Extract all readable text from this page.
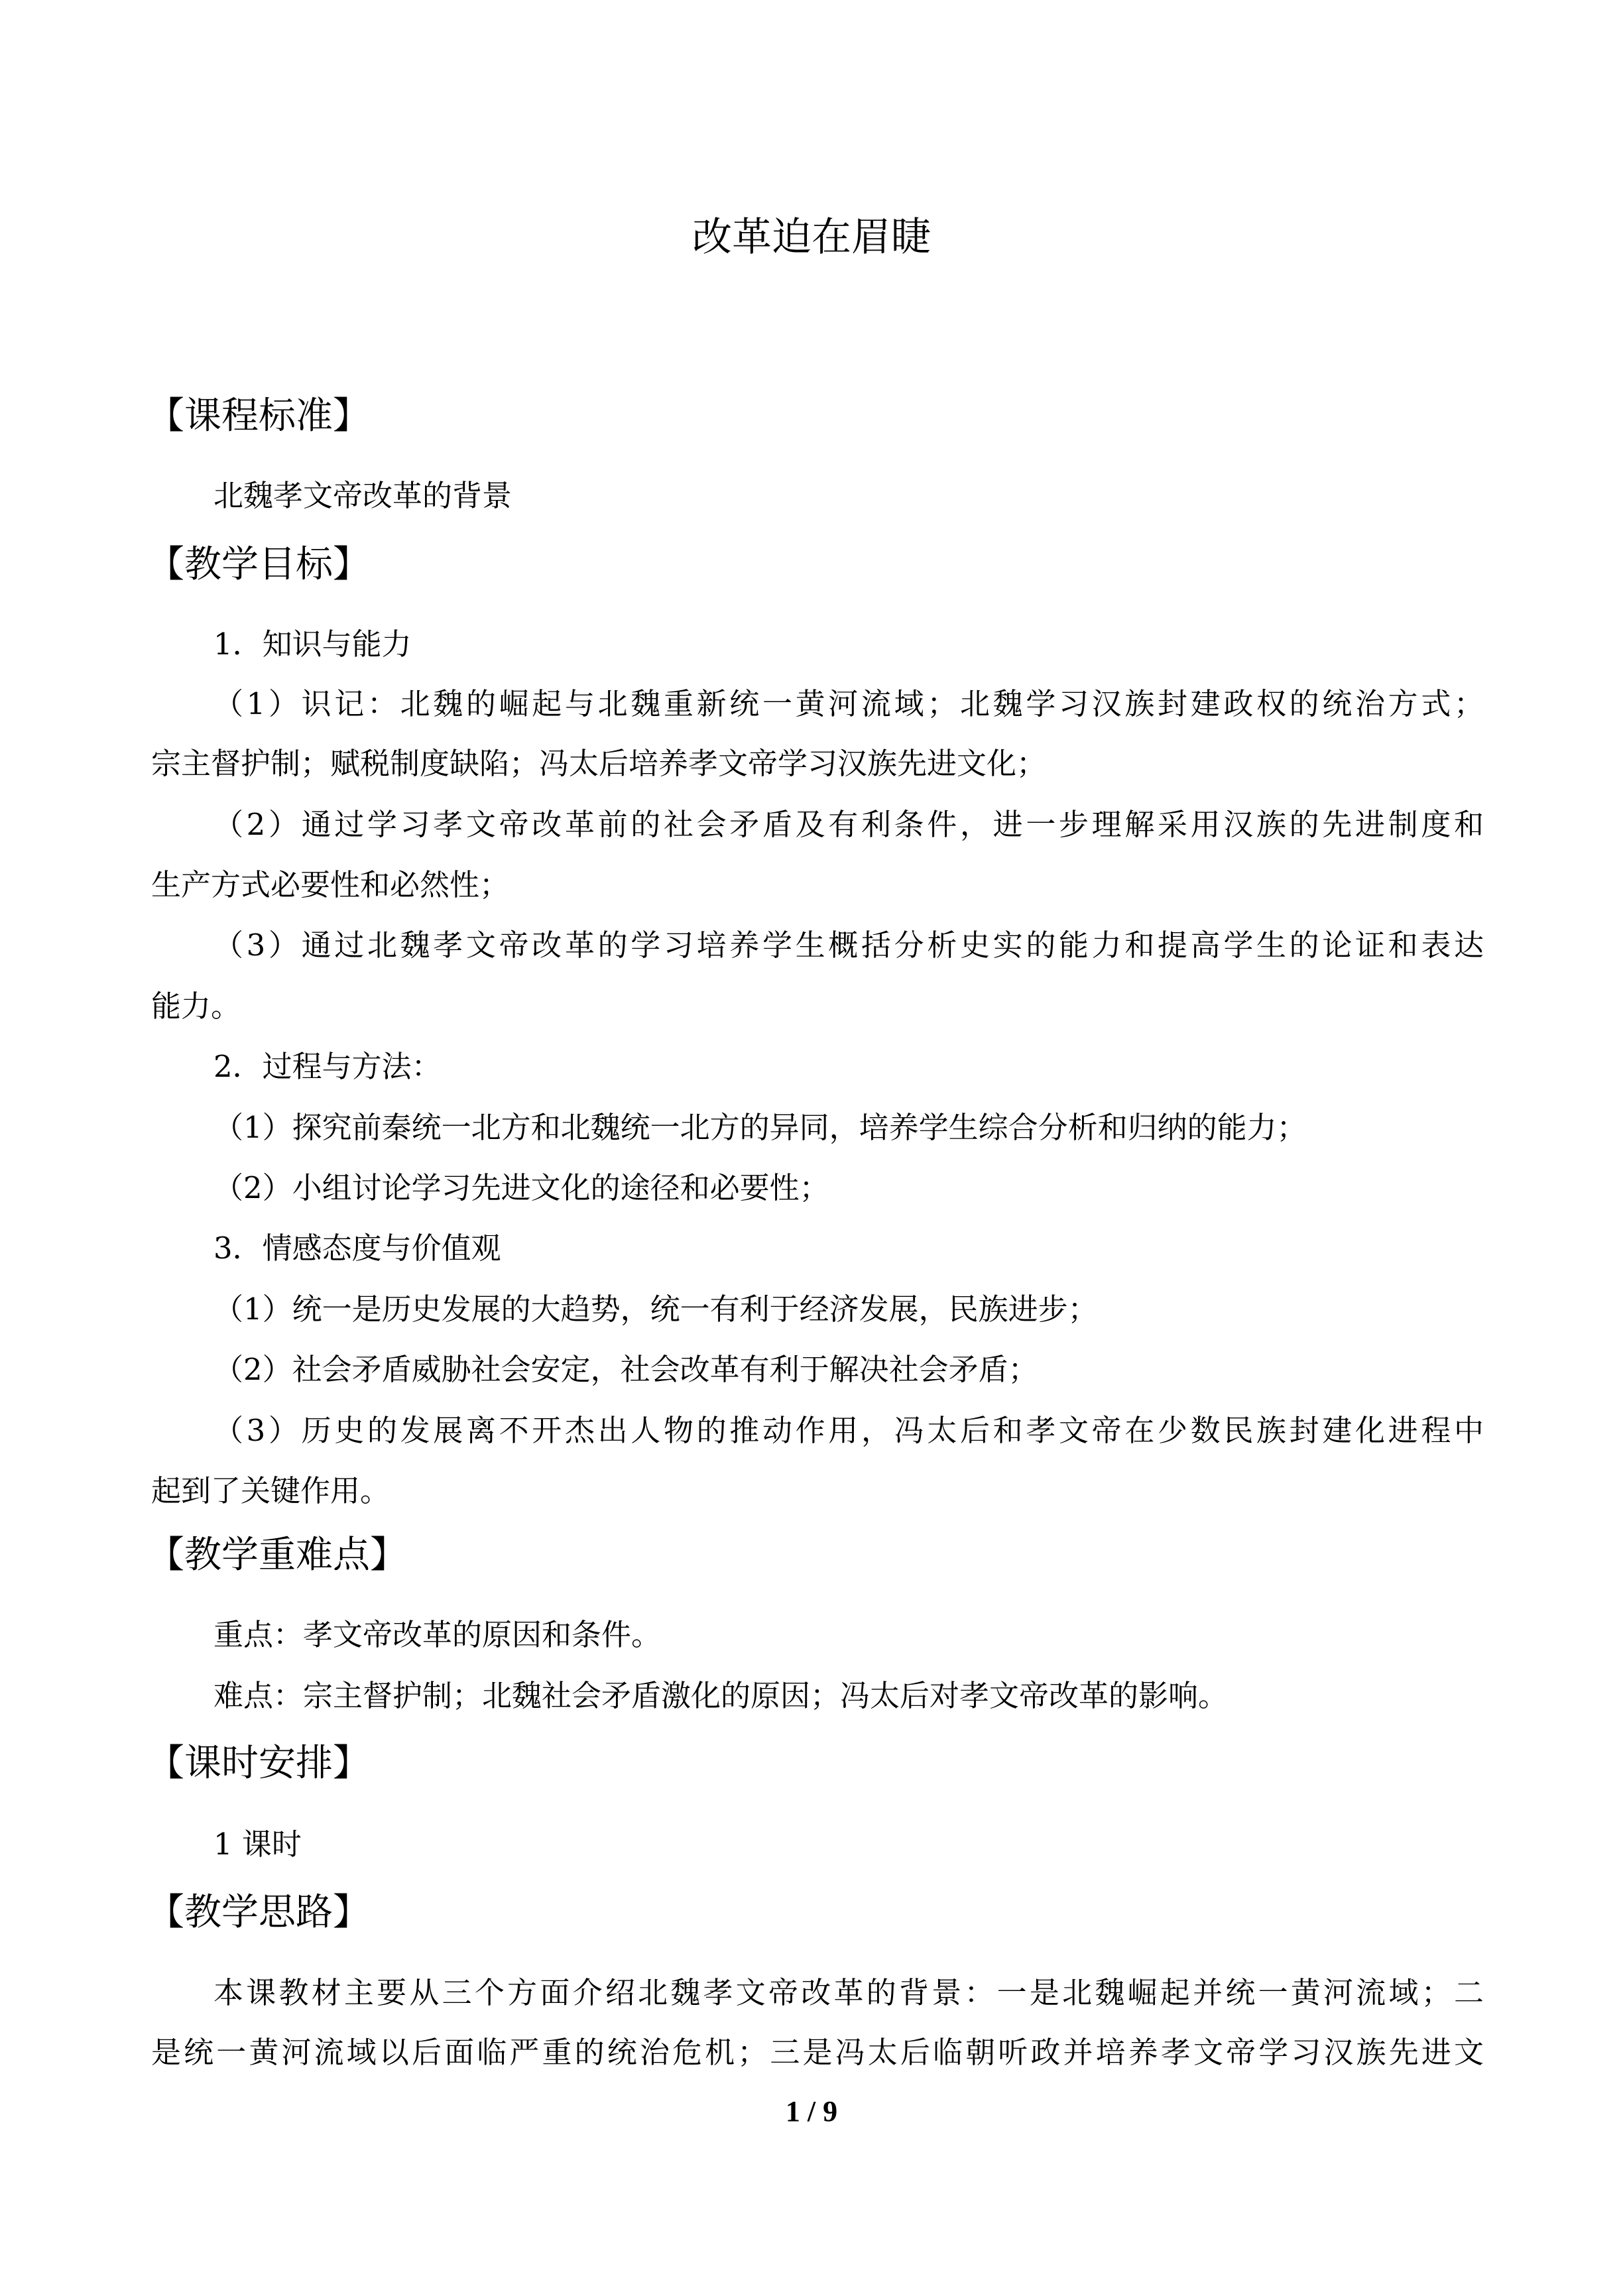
改革迫在眉睫
【课程标准】

北魏孝文帝改革的背景

【教学目标】

1．知识与能力

（1）识记：北魏的崛起与北魏重新统一黄河流域；北魏学习汉族封建政权的统治方式；

宗主督护制；赋税制度缺陷；冯太后培养孝文帝学习汉族先进文化；

（2）通过学习孝文帝改革前的社会矛盾及有利条件，进一步理解采用汉族的先进制度和

生产方式必要性和必然性；

（3）通过北魏孝文帝改革的学习培养学生概括分析史实的能力和提高学生的论证和表达

能力。

2．过程与方法：

（1）探究前秦统一北方和北魏统一北方的异同，培养学生综合分析和归纳的能力；

（2）小组讨论学习先进文化的途径和必要性；

3．情感态度与价值观

（1）统一是历史发展的大趋势，统一有利于经济发展，民族进步；

（2）社会矛盾威胁社会安定，社会改革有利于解决社会矛盾；

（3）历史的发展离不开杰出人物的推动作用，冯太后和孝文帝在少数民族封建化进程中

起到了关键作用。

【教学重难点】

重点：孝文帝改革的原因和条件。

难点：宗主督护制；北魏社会矛盾激化的原因；冯太后对孝文帝改革的影响。

【课时安排】

1 课时

【教学思路】

本课教材主要从三个方面介绍北魏孝文帝改革的背景：一是北魏崛起并统一黄河流域；二

是统一黄河流域以后面临严重的统治危机；三是冯太后临朝听政并培养孝文帝学习汉族先进文

1 / 9
